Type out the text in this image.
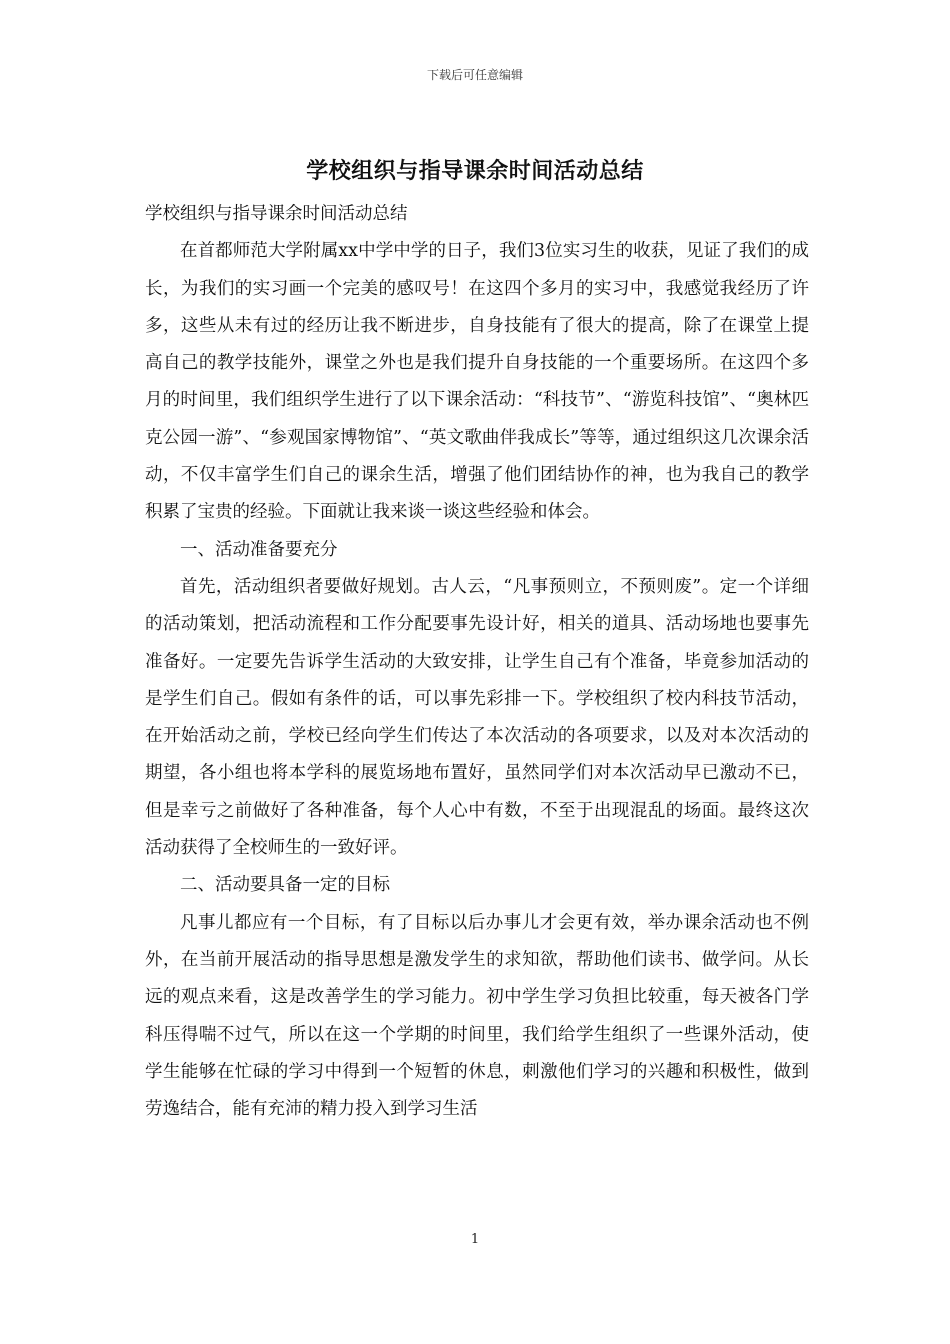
下载后可任意编辑
学校组织与指导课余时间活动总结

学校组织与指导课余时间活动总结

在首都师范大学附属xx中学中学的日子，我们3位实习生的收获，见证了我们的成长，为我们的实习画一个完美的感叹号！在这四个多月的实习中，我感觉我经历了许多，这些从未有过的经历让我不断进步，自身技能有了很大的提高，除了在课堂上提高自己的教学技能外，课堂之外也是我们提升自身技能的一个重要场所。在这四个多月的时间里，我们组织学生进行了以下课余活动：“科技节”、“游览科技馆”、“奥林匹克公园一游”、“参观国家博物馆”、“英文歌曲伴我成长”等等，通过组织这几次课余活动，不仅丰富学生们自己的课余生活，增强了他们团结协作的神，也为我自己的教学积累了宝贵的经验。下面就让我来谈一谈这些经验和体会。

一、活动准备要充分

首先，活动组织者要做好规划。古人云，“凡事预则立，不预则废”。定一个详细的活动策划，把活动流程和工作分配要事先设计好，相关的道具、活动场地也要事先准备好。一定要先告诉学生活动的大致安排，让学生自己有个准备，毕竟参加活动的是学生们自己。假如有条件的话，可以事先彩排一下。学校组织了校内科技节活动，在开始活动之前，学校已经向学生们传达了本次活动的各项要求，以及对本次活动的期望，各小组也将本学科的展览场地布置好，虽然同学们对本次活动早已激动不已，但是幸亏之前做好了各种准备，每个人心中有数，不至于出现混乱的场面。最终这次活动获得了全校师生的一致好评。

二、活动要具备一定的目标

凡事儿都应有一个目标，有了目标以后办事儿才会更有效，举办课余活动也不例外，在当前开展活动的指导思想是激发学生的求知欲，帮助他们读书、做学问。从长远的观点来看，这是改善学生的学习能力。初中学生学习负担比较重，每天被各门学科压得喘不过气，所以在这一个学期的时间里，我们给学生组织了一些课外活动，使学生能够在忙碌的学习中得到一个短暂的休息，刺激他们学习的兴趣和积极性，做到劳逸结合，能有充沛的精力投入到学习生活

1
